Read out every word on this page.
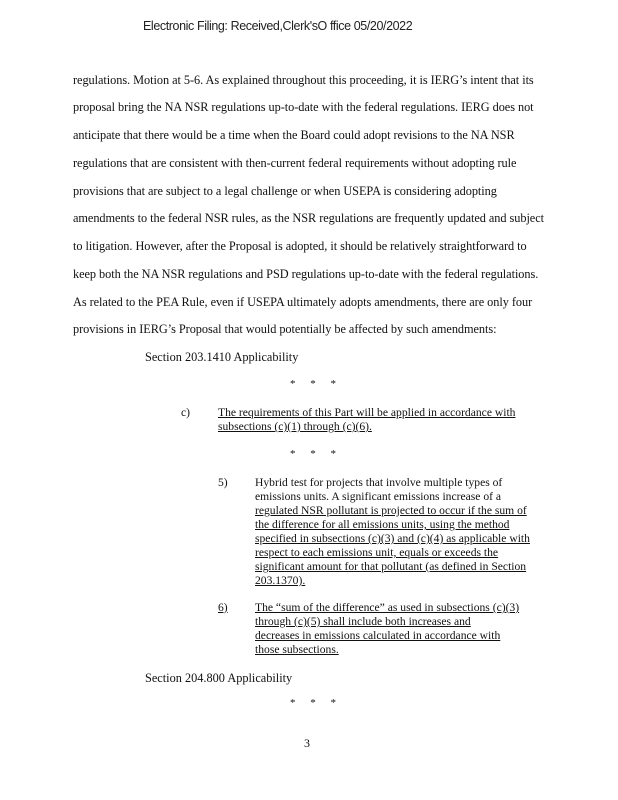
Electronic Filing: Received,Clerk'sO ffice 05/20/2022
regulations. Motion at 5-6. As explained throughout this proceeding, it is IERG’s intent that its
proposal bring the NA NSR regulations up-to-date with the federal regulations. IERG does not
anticipate that there would be a time when the Board could adopt revisions to the NA NSR
regulations that are consistent with then-current federal requirements without adopting rule
provisions that are subject to a legal challenge or when USEPA is considering adopting
amendments to the federal NSR rules, as the NSR regulations are frequently updated and subject
to litigation. However, after the Proposal is adopted, it should be relatively straightforward to
keep both the NA NSR regulations and PSD regulations up-to-date with the federal regulations.
As related to the PEA Rule, even if USEPA ultimately adopts amendments, there are only four
provisions in IERG’s Proposal that would potentially be affected by such amendments:
Section 203.1410 Applicability
* * *
c) The requirements of this Part will be applied in accordance with
subsections (c)(1) through (c)(6).
* * *
5) Hybrid test for projects that involve multiple types of
emissions units. A significant emissions increase of a
regulated NSR pollutant is projected to occur if the sum of
the difference for all emissions units, using the method
specified in subsections (c)(3) and (c)(4) as applicable with
respect to each emissions unit, equals or exceeds the
significant amount for that pollutant (as defined in Section
203.1370).
6) The “sum of the difference” as used in subsections (c)(3)
through (c)(5) shall include both increases and
decreases in emissions calculated in accordance with
those subsections.
Section 204.800 Applicability
* * *
3
